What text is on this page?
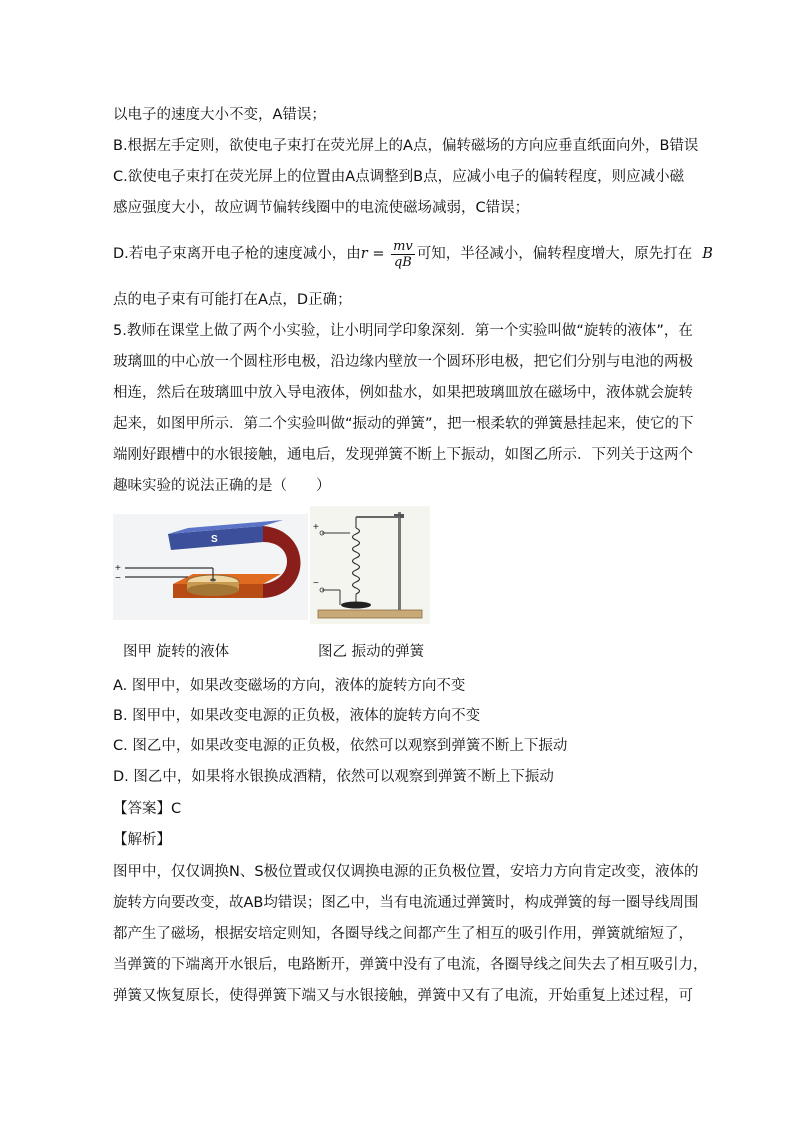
以电子的速度大小不变，A错误；
B.根据左手定则，欲使电子束打在荧光屏上的A点，偏转磁场的方向应垂直纸面向外，B错误
C.欲使电子束打在荧光屏上的位置由A点调整到B点，应减小电子的偏转程度，则应减小磁
感应强度大小，故应调节偏转线圈中的电流使磁场减弱，C错误；
D.若电子束离开电子枪的速度减小，由$r = \frac{mv}{qB}$ 可知，半径减小，偏转程度增大，原先打在 B
点的电子束有可能打在A点，D正确；
5.教师在课堂上做了两个小实验，让小明同学印象深刻．第一个实验叫做“旋转的液体”，在
玻璃皿的中心放一个圆柱形电极，沿边缘内壁放一个圆环形电极，把它们分别与电池的两极
相连，然后在玻璃皿中放入导电液体，例如盐水，如果把玻璃皿放在磁场中，液体就会旋转
起来，如图甲所示．第二个实验叫做“振动的弹簧”，把一根柔软的弹簧悬挂起来，使它的下
端刚好跟槽中的水银接触，通电后，发现弹簧不断上下振动，如图乙所示．下列关于这两个
趣味实验的说法正确的是（　　）
S
+
−
+
−
图甲 旋转的液体	图乙 振动的弹簧
A. 图甲中，如果改变磁场的方向，液体的旋转方向不变
B. 图甲中，如果改变电源的正负极，液体的旋转方向不变
C. 图乙中，如果改变电源的正负极，依然可以观察到弹簧不断上下振动
D. 图乙中，如果将水银换成酒精，依然可以观察到弹簧不断上下振动
【答案】C
【解析】
图甲中，仅仅调换N、S极位置或仅仅调换电源的正负极位置，安培力方向肯定改变，液体的
旋转方向要改变，故AB均错误；图乙中，当有电流通过弹簧时，构成弹簧的每一圈导线周围
都产生了磁场，根据安培定则知，各圈导线之间都产生了相互的吸引作用，弹簧就缩短了，
当弹簧的下端离开水银后，电路断开，弹簧中没有了电流，各圈导线之间失去了相互吸引力，
弹簧又恢复原长，使得弹簧下端又与水银接触，弹簧中又有了电流，开始重复上述过程，可
